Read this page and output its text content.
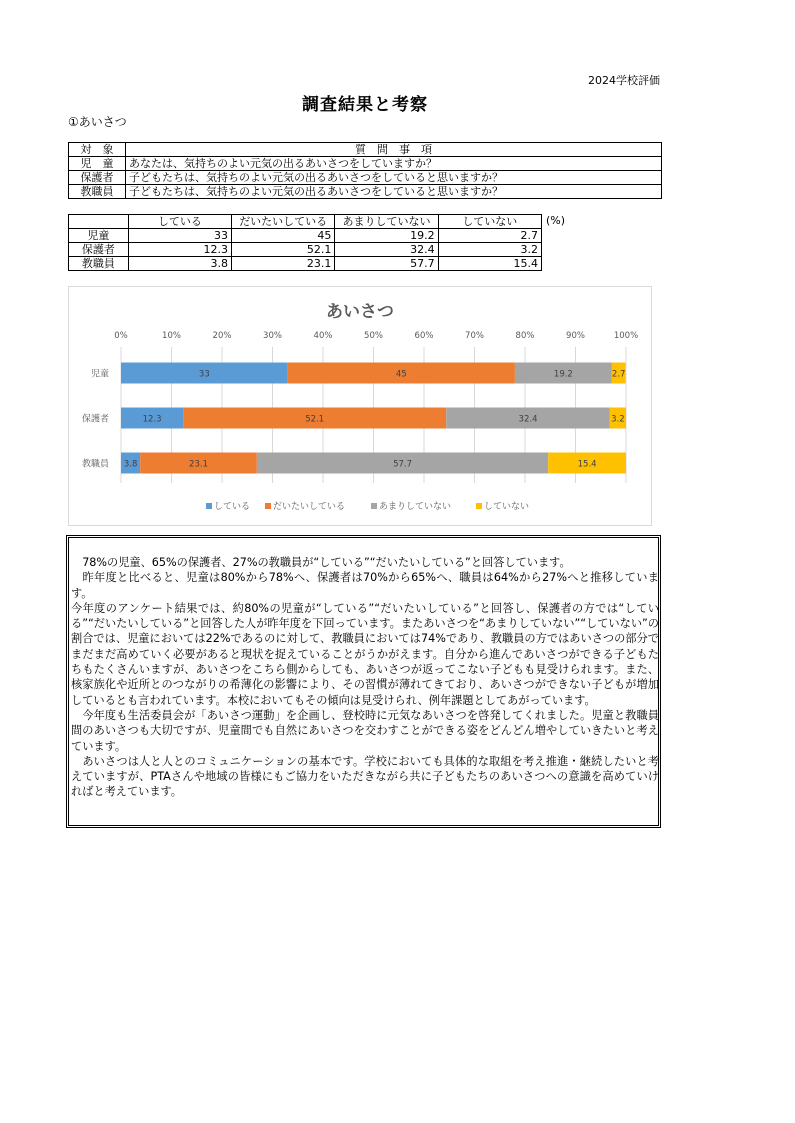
2024学校評価
調査結果と考察
①あいさつ
対　象	質　問　事　項
児　童	あなたは、気持ちのよい元気の出るあいさつをしていますか？
保護者	子どもたちは、気持ちのよい元気の出るあいさつをしていると思いますか？
教職員	子どもたちは、気持ちのよい元気の出るあいさつをしていると思いますか？
	している	だいたいしている	あまりしていない	していない
児童	33	45	19.2	2.7
保護者	12.3	52.1	32.4	3.2
教職員	3.8	23.1	57.7	15.4
(%)
あいさつ
0%	10%	20%	30%	40%	50%	60%	70%	80%	90%	100%
児童	33	45	19.2	2.7
保護者	12.3	52.1	32.4	3.2
教職員 3.8	23.1	57.7	15.4
している	だいたいしている	あまりしていない	していない

　78%の児童、65%の保護者、27%の教職員が“している”“だいたいしている”と回答しています。

　昨年度と比べると、児童は80%から78%へ、保護者は70%から65%へ、職員は64%から27%へと推移しています。

今年度のアンケート結果では、約80%の児童が“している”“だいたいしている”と回答し、保護者の方では“している”“だいたいしている”と回答した人が昨年度を下回っています。またあいさつを“あまりしていない”“していない”の割合では、児童においては22%であるのに対して、教職員においては74%であり、教職員の方ではあいさつの部分でまだまだ高めていく必要があると現状を捉えていることがうかがえます。自分から進んであいさつができる子どもたちもたくさんいますが、あいさつをこちら側からしても、あいさつが返ってこない子どもも見受けられます。また、核家族化や近所とのつながりの希薄化の影響により、その習慣が薄れてきており、あいさつができない子どもが増加しているとも言われています。本校においてもその傾向は見受けられ、例年課題としてあがっています。

　今年度も生活委員会が「あいさつ運動」を企画し、登校時に元気なあいさつを啓発してくれました。児童と教職員間のあいさつも大切ですが、児童間でも自然にあいさつを交わすことができる姿をどんどん増やしていきたいと考えています。

　あいさつは人と人とのコミュニケーションの基本です。学校においても具体的な取組を考え推進・継続したいと考えていますが、PTAさんや地域の皆様にもご協力をいただきながら共に子どもたちのあいさつへの意識を高めていければと考えています。
